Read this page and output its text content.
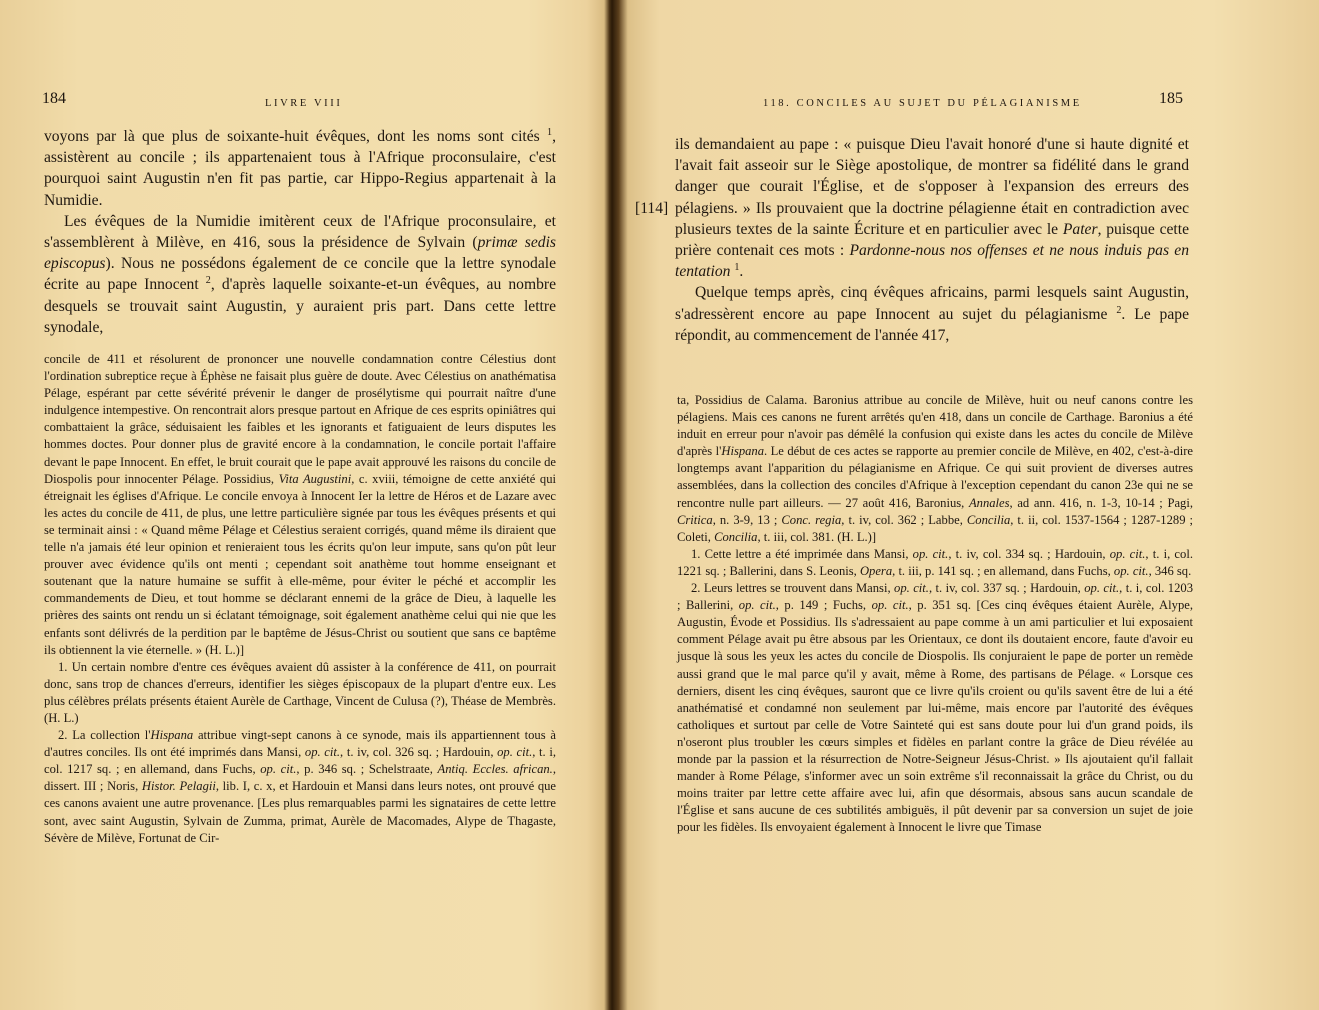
184	LIVRE VIII

voyons par là que plus de soixante-huit évêques, dont les noms sont cités $^1$, assistèrent au concile ; ils appartenaient tous à l'Afrique proconsulaire, c'est pourquoi saint Augustin n'en fit pas partie, car Hippo-Regius appartenait à la Numidie.

Les évêques de la Numidie imitèrent ceux de l'Afrique proconsulaire, et s'assemblèrent à Milève, en 416, sous la présidence de Sylvain (primæ sedis episcopus). Nous ne possédons également de ce concile que la lettre synodale écrite au pape Innocent $^2$, d'après laquelle soixante-et-un évêques, au nombre desquels se trouvait saint Augustin, y auraient pris part. Dans cette lettre synodale,

concile de 411 et résolurent de prononcer une nouvelle condamnation contre Célestius dont l'ordination subreptice reçue à Éphèse ne faisait plus guère de doute. Avec Célestius on anathématisa Pélage, espérant par cette sévérité prévenir le danger de prosélytisme qui pourrait naître d'une indulgence intempestive. On rencontrait alors presque partout en Afrique de ces esprits opiniâtres qui combattaient la grâce, séduisaient les faibles et les ignorants et fatiguaient de leurs disputes les hommes doctes. Pour donner plus de gravité encore à la condamnation, le concile portait l'affaire devant le pape Innocent. En effet, le bruit courait que le pape avait approuvé les raisons du concile de Diospolis pour innocenter Pélage. Possidius, Vita Augustini, c. xviii, témoigne de cette anxiété qui étreignait les églises d'Afrique. Le concile envoya à Innocent Ier la lettre de Héros et de Lazare avec les actes du concile de 411, de plus, une lettre particulière signée par tous les évêques présents et qui se terminait ainsi : « Quand même Pélage et Célestius seraient corrigés, quand même ils diraient que telle n'a jamais été leur opinion et renieraient tous les écrits qu'on leur impute, sans qu'on pût leur prouver avec évidence qu'ils ont menti ; cependant soit anathème tout homme enseignant et soutenant que la nature humaine se suffit à elle-même, pour éviter le péché et accomplir les commandements de Dieu, et tout homme se déclarant ennemi de la grâce de Dieu, à laquelle les prières des saints ont rendu un si éclatant témoignage, soit également anathème celui qui nie que les enfants sont délivrés de la perdition par le baptême de Jésus-Christ ou soutient que sans ce baptême ils obtiennent la vie éternelle. » (H. L.)]

1. Un certain nombre d'entre ces évêques avaient dû assister à la conférence de 411, on pourrait donc, sans trop de chances d'erreurs, identifier les sièges épiscopaux de la plupart d'entre eux. Les plus célèbres prélats présents étaient Aurèle de Carthage, Vincent de Culusa (?), Théase de Membrès. (H. L.)

2. La collection l'Hispana attribue vingt-sept canons à ce synode, mais ils appartiennent tous à d'autres conciles. Ils ont été imprimés dans Mansi, op. cit., t. iv, col. 326 sq. ; Hardouin, op. cit., t. i, col. 1217 sq. ; en allemand, dans Fuchs, op. cit., p. 346 sq. ; Schelstraate, Antiq. Eccles. african., dissert. III ; Noris, Histor. Pelagii, lib. I, c. x, et Hardouin et Mansi dans leurs notes, ont prouvé que ces canons avaient une autre provenance. [Les plus remarquables parmi les signataires de cette lettre sont, avec saint Augustin, Sylvain de Zumma, primat, Aurèle de Macomades, Alype de Thagaste, Sévère de Milève, Fortunat de Cir-

118. CONCILES AU SUJET DU PÉLAGIANISME	185
[114]

ils demandaient au pape : « puisque Dieu l'avait honoré d'une si haute dignité et l'avait fait asseoir sur le Siège apostolique, de montrer sa fidélité dans le grand danger que courait l'Église, et de s'opposer à l'expansion des erreurs des pélagiens. » Ils prouvaient que la doctrine pélagienne était en contradiction avec plusieurs textes de la sainte Écriture et en particulier avec le Pater, puisque cette prière contenait ces mots : Pardonne-nous nos offenses et ne nous induis pas en tentation $^1$.

Quelque temps après, cinq évêques africains, parmi lesquels saint Augustin, s'adressèrent encore au pape Innocent au sujet du pélagianisme $^2$. Le pape répondit, au commencement de l'année 417,

ta, Possidius de Calama. Baronius attribue au concile de Milève, huit ou neuf canons contre les pélagiens. Mais ces canons ne furent arrêtés qu'en 418, dans un concile de Carthage. Baronius a été induit en erreur pour n'avoir pas démêlé la confusion qui existe dans les actes du concile de Milève d'après l'Hispana. Le début de ces actes se rapporte au premier concile de Milève, en 402, c'est-à-dire longtemps avant l'apparition du pélagianisme en Afrique. Ce qui suit provient de diverses autres assemblées, dans la collection des conciles d'Afrique à l'exception cependant du canon 23e qui ne se rencontre nulle part ailleurs. — 27 août 416, Baronius, Annales, ad ann. 416, n. 1-3, 10-14 ; Pagi, Critica, n. 3-9, 13 ; Conc. regia, t. iv, col. 362 ; Labbe, Concilia, t. ii, col. 1537-1564 ; 1287-1289 ; Coleti, Concilia, t. iii, col. 381. (H. L.)]

1. Cette lettre a été imprimée dans Mansi, op. cit., t. iv, col. 334 sq. ; Hardouin, op. cit., t. i, col. 1221 sq. ; Ballerini, dans S. Leonis, Opera, t. iii, p. 141 sq. ; en allemand, dans Fuchs, op. cit., 346 sq.

2. Leurs lettres se trouvent dans Mansi, op. cit., t. iv, col. 337 sq. ; Hardouin, op. cit., t. i, col. 1203 ; Ballerini, op. cit., p. 149 ; Fuchs, op. cit., p. 351 sq. [Ces cinq évêques étaient Aurèle, Alype, Augustin, Évode et Possidius. Ils s'adressaient au pape comme à un ami particulier et lui exposaient comment Pélage avait pu être absous par les Orientaux, ce dont ils doutaient encore, faute d'avoir eu jusque là sous les yeux les actes du concile de Diospolis. Ils conjuraient le pape de porter un remède aussi grand que le mal parce qu'il y avait, même à Rome, des partisans de Pélage. « Lorsque ces derniers, disent les cinq évêques, sauront que ce livre qu'ils croient ou qu'ils savent être de lui a été anathématisé et condamné non seulement par lui-même, mais encore par l'autorité des évêques catholiques et surtout par celle de Votre Sainteté qui est sans doute pour lui d'un grand poids, ils n'oseront plus troubler les cœurs simples et fidèles en parlant contre la grâce de Dieu révélée au monde par la passion et la résurrection de Notre-Seigneur Jésus-Christ. » Ils ajoutaient qu'il fallait mander à Rome Pélage, s'informer avec un soin extrême s'il reconnaissait la grâce du Christ, ou du moins traiter par lettre cette affaire avec lui, afin que désormais, absous sans aucun scandale de l'Église et sans aucune de ces subtilités ambiguës, il pût devenir par sa conversion un sujet de joie pour les fidèles. Ils envoyaient également à Innocent le livre que Timase
